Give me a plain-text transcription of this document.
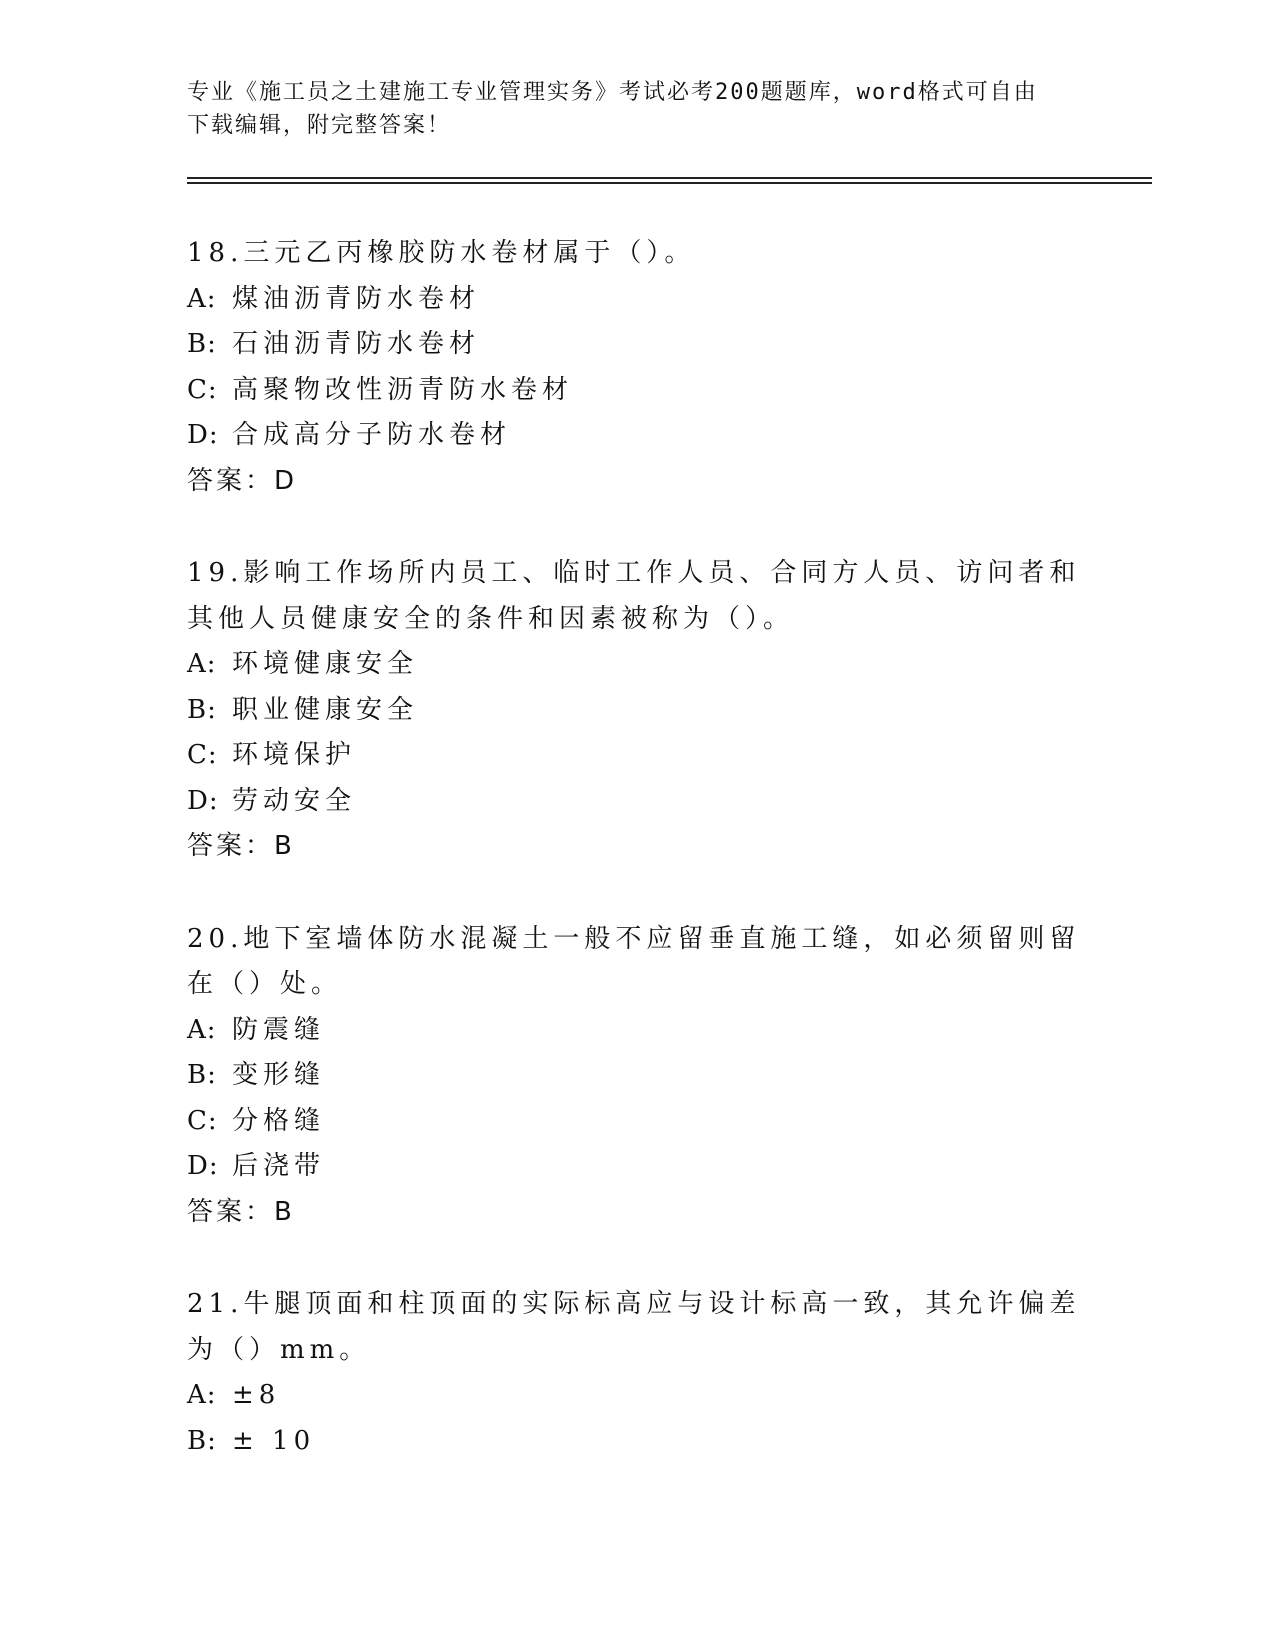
专业《施工员之土建施工专业管理实务》考试必考200题题库，word格式可自由
下载编辑，附完整答案！

18.三元乙丙橡胶防水卷材属于（）。

A: 煤油沥青防水卷材

B: 石油沥青防水卷材

C: 高聚物改性沥青防水卷材

D: 合成高分子防水卷材

答案：D

19.影响工作场所内员工、临时工作人员、合同方人员、访问者和其他人员健康安全的条件和因素被称为（）。

A: 环境健康安全

B: 职业健康安全

C: 环境保护

D: 劳动安全

答案：B

20.地下室墙体防水混凝土一般不应留垂直施工缝，如必须留则留在（）处。

A: 防震缝

B: 变形缝

C: 分格缝

D: 后浇带

答案：B

21.牛腿顶面和柱顶面的实际标高应与设计标高一致，其允许偏差为（）mm。

A: ±8

B: ± 10
